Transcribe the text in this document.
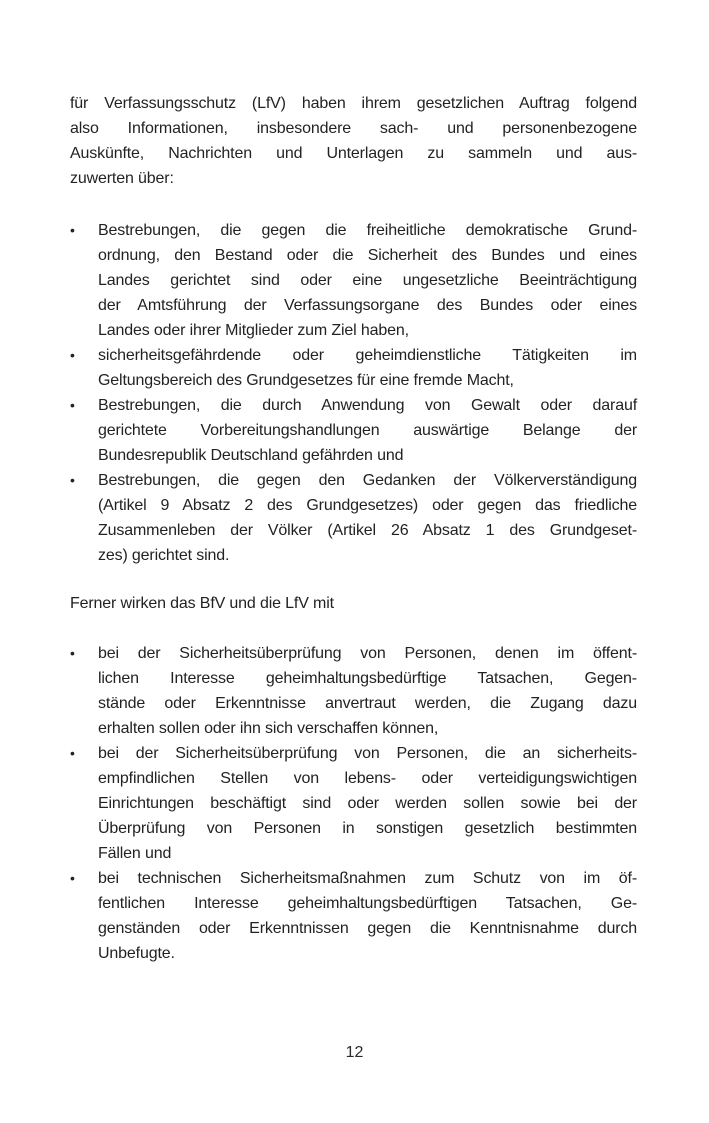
für Verfassungsschutz (LfV) haben ihrem gesetzlichen Auftrag folgend
also Informationen, insbesondere sach- und personenbezogene
Auskünfte, Nachrichten und Unterlagen zu sammeln und aus-
zuwerten über:
•	Bestrebungen, die gegen die freiheitliche demokratische Grund-
ordnung, den Bestand oder die Sicherheit des Bundes und eines
Landes gerichtet sind oder eine ungesetzliche Beeinträchtigung
der Amtsführung der Verfassungsorgane des Bundes oder eines
Landes oder ihrer Mitglieder zum Ziel haben,
•	sicherheitsgefährdende oder geheimdienstliche Tätigkeiten im
Geltungsbereich des Grundgesetzes für eine fremde Macht,
•	Bestrebungen, die durch Anwendung von Gewalt oder darauf
gerichtete Vorbereitungshandlungen auswärtige Belange der
Bundesrepublik Deutschland gefährden und
•	Bestrebungen, die gegen den Gedanken der Völkerverständigung
(Artikel 9 Absatz 2 des Grundgesetzes) oder gegen das friedliche
Zusammenleben der Völker (Artikel 26 Absatz 1 des Grundgeset-
zes) gerichtet sind.
Ferner wirken das BfV und die LfV mit
•	bei der Sicherheitsüberprüfung von Personen, denen im öffent-
lichen Interesse geheimhaltungsbedürftige Tatsachen, Gegen-
stände oder Erkenntnisse anvertraut werden, die Zugang dazu
erhalten sollen oder ihn sich verschaffen können,
•	bei der Sicherheitsüberprüfung von Personen, die an sicherheits-
empfindlichen Stellen von lebens- oder verteidigungswichtigen
Einrichtungen beschäftigt sind oder werden sollen sowie bei der
Überprüfung von Personen in sonstigen gesetzlich bestimmten
Fällen und
•	bei technischen Sicherheitsmaßnahmen zum Schutz von im öf-
fentlichen Interesse geheimhaltungsbedürftigen Tatsachen, Ge-
genständen oder Erkenntnissen gegen die Kenntnisnahme durch
Unbefugte.
12
